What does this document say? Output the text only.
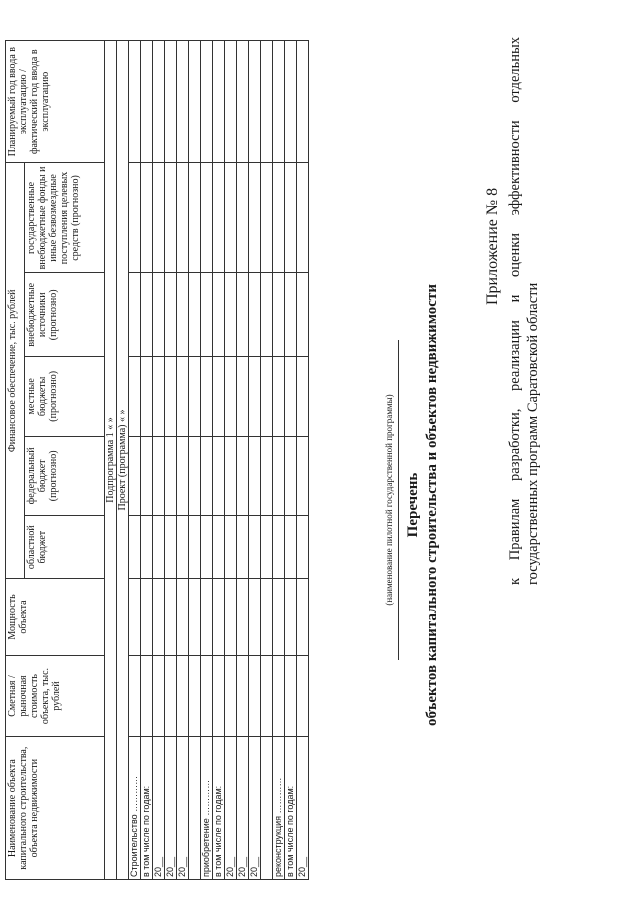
Приложение № 8 к Правилам разработки, реализации и оценки эффективности отдельных государственных программ Саратовской области
Перечень объектов капитального строительства и объектов недвижимости
(наименование пилотной государственной программы)
Наименование объекта капитального строительства, объекта недвижимости	Сметная / рыночная стоимость объекта, тыс. рублей	Мощность объекта	Финансовое обеспечение, тыс. рублей					Планируемый год ввода в эксплуатацию / фактический год ввода в эксплуатацию
			областной бюджет	федеральный бюджет (прогнозно)	местные бюджеты (прогнозно)	внебюджетные источники (прогнозно)	государственные внебюджетные фонды и иные безвозмездные поступления целевых средств (прогнозно)	
Подпрограмма 1 « »								
Проект (программа) « »								
Строительство …………								
в том числе по годам:								
20__								
20__								
20__								

приобретение …………								
в том числе по годам:								
20__								
20__								
20__								

реконструкция …………								
в том числе по годам:								
20__								
